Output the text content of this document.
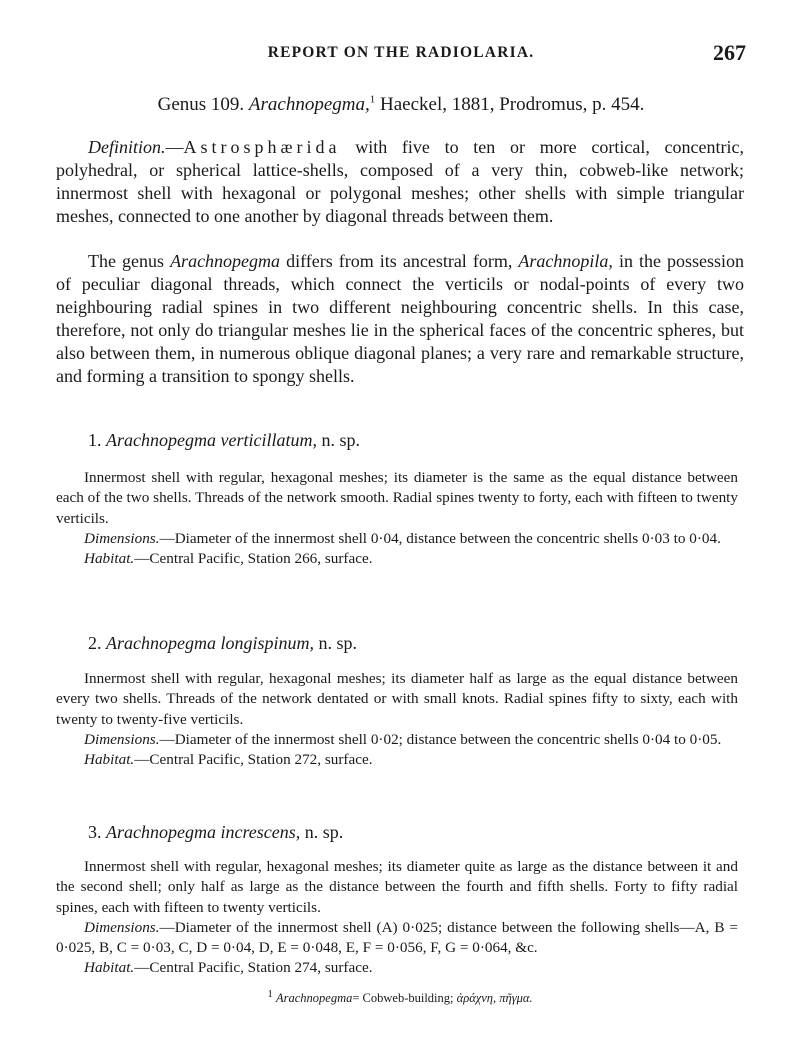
REPORT ON THE RADIOLARIA.	267
Genus 109. Arachnopegma,$^1$ Haeckel, 1881, Prodromus, p. 454.
Definition.—Astrosphærida with five to ten or more cortical, concentric, polyhedral, or spherical lattice-shells, composed of a very thin, cobweb-like network; innermost shell with hexagonal or polygonal meshes; other shells with simple triangular meshes, connected to one another by diagonal threads between them.
The genus Arachnopegma differs from its ancestral form, Arachnopila, in the possession of peculiar diagonal threads, which connect the verticils or nodal-points of every two neighbouring radial spines in two different neighbouring concentric shells. In this case, therefore, not only do triangular meshes lie in the spherical faces of the concentric spheres, but also between them, in numerous oblique diagonal planes; a very rare and remarkable structure, and forming a transition to spongy shells.
1. Arachnopegma verticillatum, n. sp.

Innermost shell with regular, hexagonal meshes; its diameter is the same as the equal distance between each of the two shells. Threads of the network smooth. Radial spines twenty to forty, each with fifteen to twenty verticils.

Dimensions.—Diameter of the innermost shell 0·04, distance between the concentric shells 0·03 to 0·04.

Habitat.—Central Pacific, Station 266, surface.

2. Arachnopegma longispinum, n. sp.

Innermost shell with regular, hexagonal meshes; its diameter half as large as the equal distance between every two shells. Threads of the network dentated or with small knots. Radial spines fifty to sixty, each with twenty to twenty-five verticils.

Dimensions.—Diameter of the innermost shell 0·02; distance between the concentric shells 0·04 to 0·05.

Habitat.—Central Pacific, Station 272, surface.

3. Arachnopegma increscens, n. sp.

Innermost shell with regular, hexagonal meshes; its diameter quite as large as the distance between it and the second shell; only half as large as the distance between the fourth and fifth shells. Forty to fifty radial spines, each with fifteen to twenty verticils.

Dimensions.—Diameter of the innermost shell (A) 0·025; distance between the following shells—A, B = 0·025, B, C = 0·03, C, D = 0·04, D, E = 0·048, E, F = 0·056, F, G = 0·064, &c.

Habitat.—Central Pacific, Station 274, surface.

1 Arachnopegma= Cobweb-building; ἀράχνη, πῆγμα.
